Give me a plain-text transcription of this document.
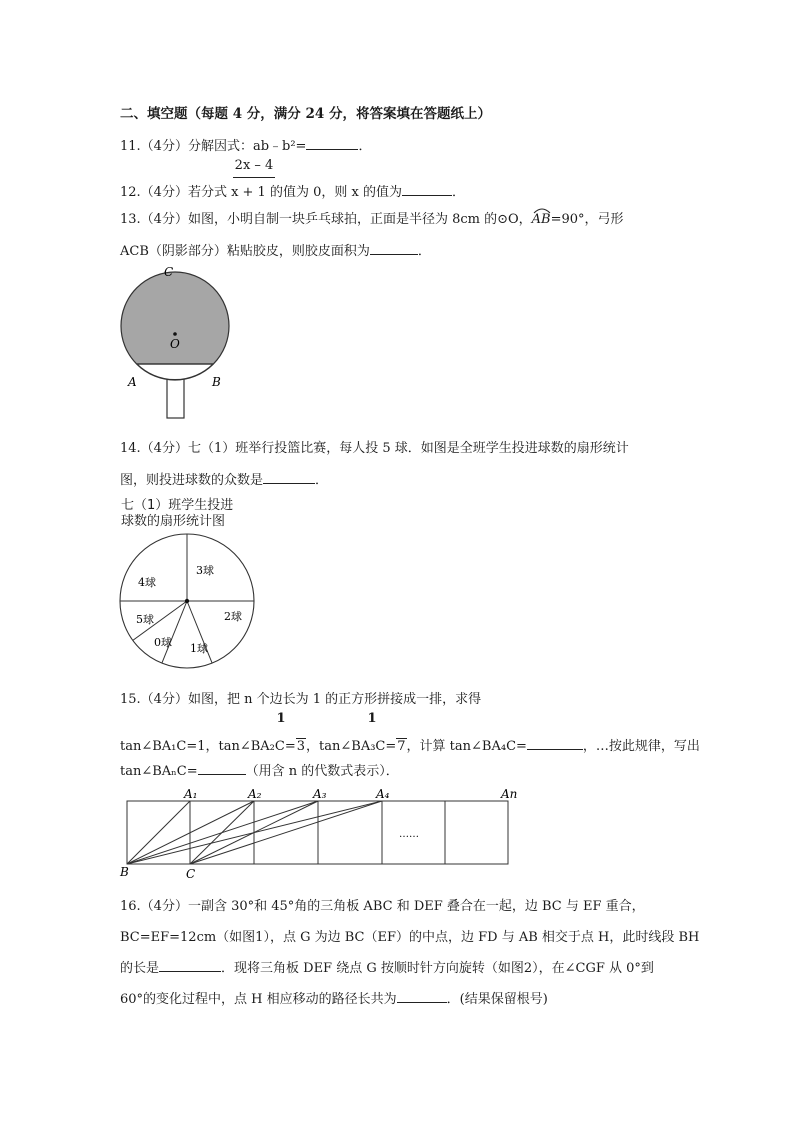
二、填空题（每题 4 分，满分 24 分，将答案填在答题纸上）
11.（4分）分解因式：ab﹣b²=	．
2x – 4
12.（4分）若分式 x + 1 的值为 0，则 x 的值为	．
13.（4分）如图，小明自制一块乒乓球拍，正面是半径为 8cm 的⊙O，
AB=90°，弓形
ACB（阴影部分）粘贴胶皮，则胶皮面积为	．
C
O
A	B
14.（4分）七（1）班举行投篮比赛，每人投 5 球．如图是全班学生投进球数的扇形统计
图，则投进球数的众数是	．
七（1）班学生投进
球数的扇形统计图
3球
2球
1球
0球
5球
4球
15.（4分）如图，把 n 个边长为 1 的正方形拼接成一排，求得
1	1
tan∠BA₁C=1，tan∠BA₂C=3，tan∠BA₃C=7，计算 tan∠BA₄C=	，…按此规律，写出
tan∠BAₙC=	（用含 n 的代数式表示）．
A₁	A₂	A₃	A₄	An
B	C
……
16.（4分）一副含 30°和 45°角的三角板 ABC 和 DEF 叠合在一起，边 BC 与 EF 重合，
BC=EF=12cm（如图1），点 G 为边 BC（EF）的中点，边 FD 与 AB 相交于点 H，此时线段 BH
的长是	．现将三角板 DEF 绕点 G 按顺时针方向旋转（如图2），在∠CGF 从 0°到
60°的变化过程中，点 H 相应移动的路径长共为	．(结果保留根号)
